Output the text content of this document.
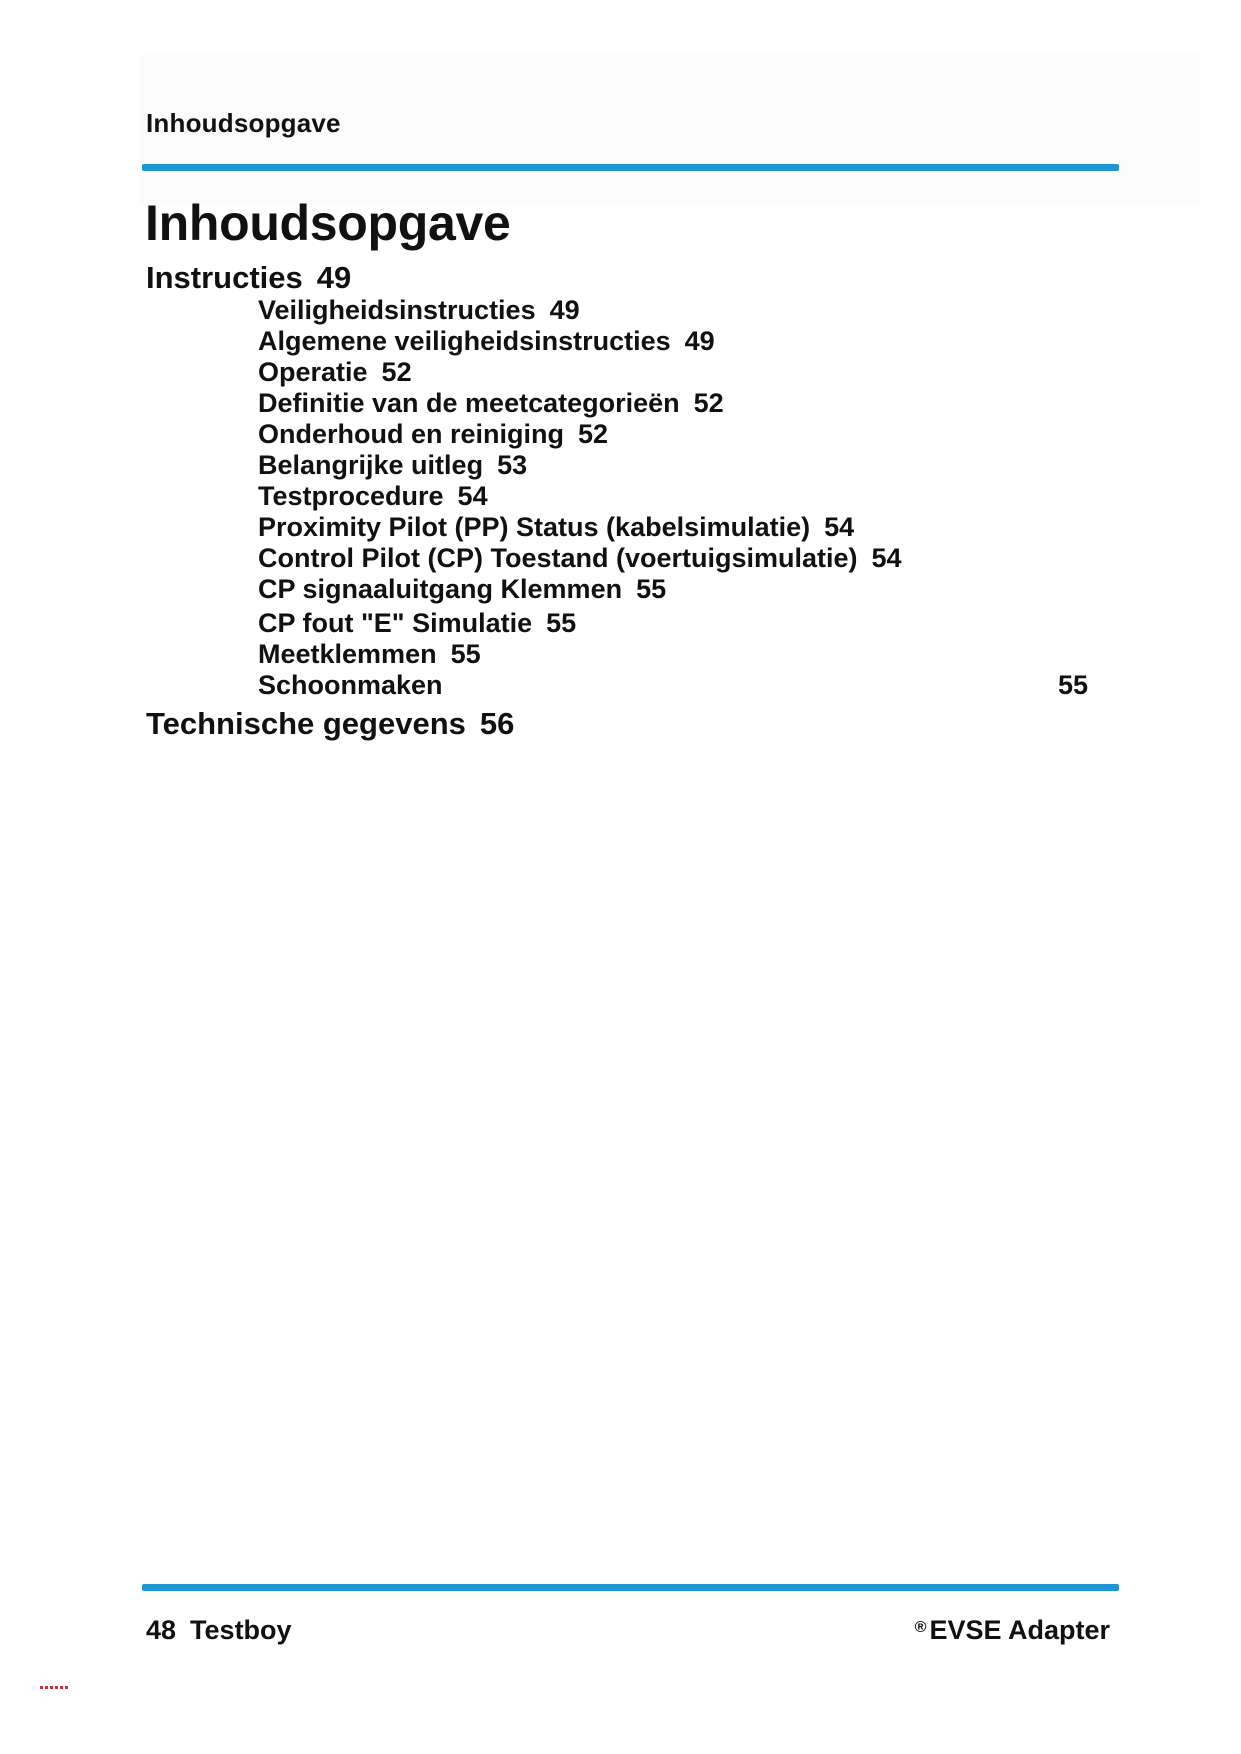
Inhoudsopgave
Inhoudsopgave
Instructies 49
Veiligheidsinstructies 49
Algemene veiligheidsinstructies 49
Operatie 52
Definitie van de meetcategorieën 52
Onderhoud en reiniging 52
Belangrijke uitleg 53
Testprocedure 54
Proximity Pilot (PP) Status (kabelsimulatie) 54
Control Pilot (CP) Toestand (voertuigsimulatie) 54
CP signaaluitgang Klemmen 55
CP fout "E" Simulatie 55
Meetklemmen 55
Schoonmaken	55
Technische gegevens 56
48 Testboy	® EVSE Adapter
